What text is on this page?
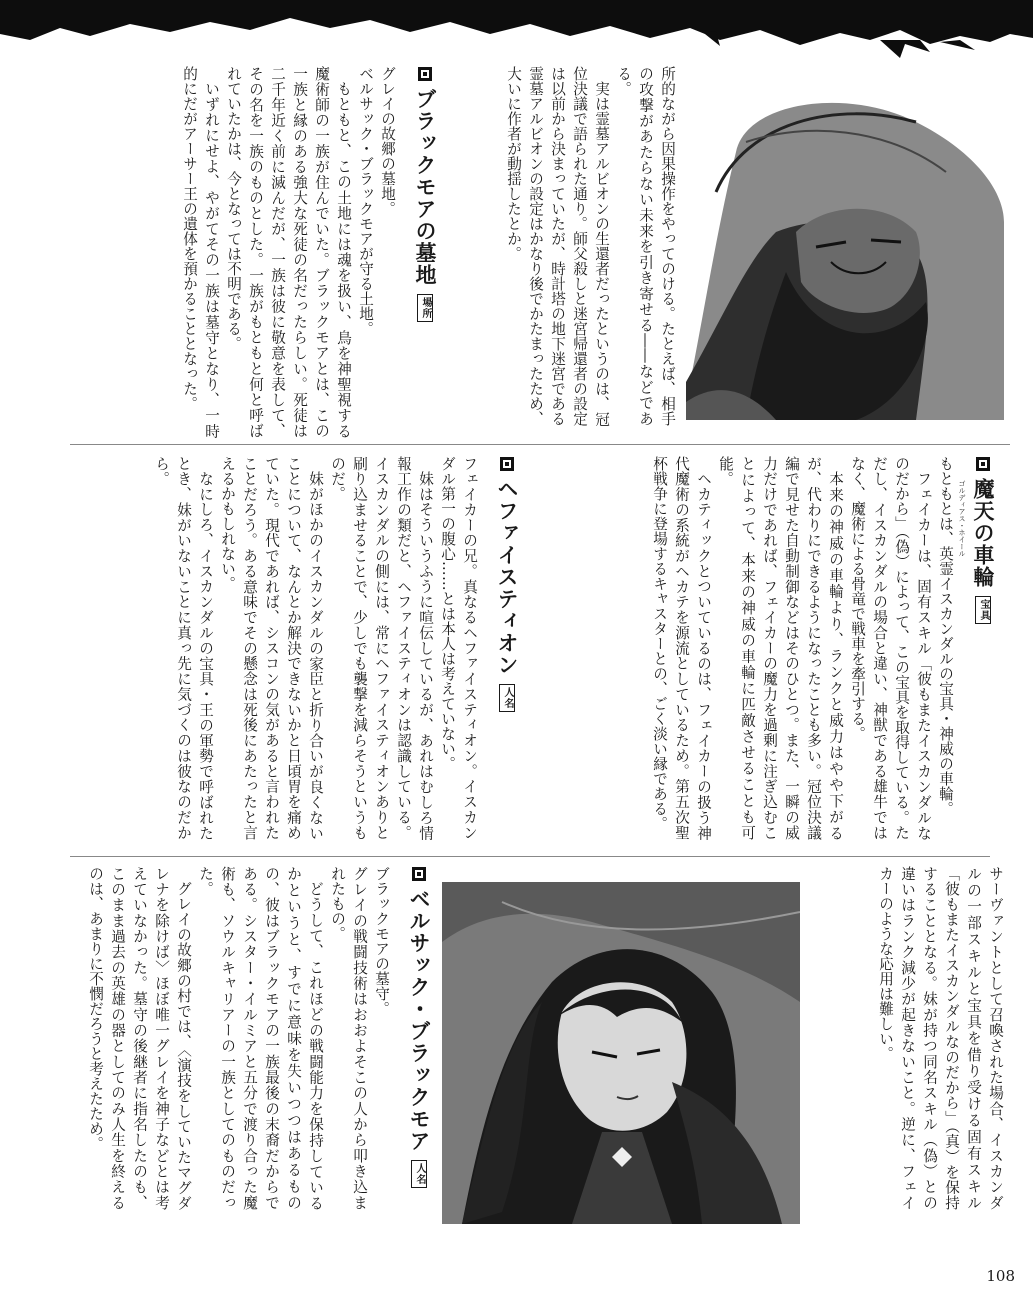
所的ながら因果操作をやってのける。たとえば、相手の攻撃があたらない未来を引き寄せる――などである。

実は霊墓アルビオンの生還者だったというのは、冠位決議で語られた通り。師父殺しと迷宮帰還者の設定は以前から決まっていたが、時計塔の地下迷宮である霊墓アルビオンの設定はかなり後でかたまったため、大いに作者が動揺したとか。

ブラックモアの墓地
場所

グレイの故郷の墓地。

ベルサック・ブラックモアが守る土地。

もともと、この土地には魂を扱い、鳥を神聖視する魔術師の一族が住んでいた。ブラックモアとは、この一族と縁のある強大な死徒の名だったらしい。死徒は二千年近く前に滅んだが、一族は彼に敬意を表して、その名を一族のものとした。一族がもともと何と呼ばれていたかは、今となっては不明である。

いずれにせよ、やがてその一族は墓守となり、一時的にだがアーサー王の遺体を預かることとなった。

魔天の車輪
宝具

もともとは、英霊イスカンダルの宝具・神威の車輪。

フェイカーは、固有スキル「彼もまたイスカンダルなのだから」（偽）によって、この宝具を取得している。ただし、イスカンダルの場合と違い、神獣である雄牛ではなく、魔術による骨竜で戦車を牽引する。

本来の神威の車輪より、ランクと威力はやや下がるが、代わりにできるようになったことも多い。冠位決議編で見せた自動制御などはそのひとつ。また、一瞬の威力だけであれば、フェイカーの魔力を過剰に注ぎ込むことによって、本来の神威の車輪に匹敵させることも可能。

ヘカティックとついているのは、フェイカーの扱う神代魔術の系統がヘカテを源流としているため。第五次聖杯戦争に登場するキャスターとの、ごく淡い縁である。	ゴルディアス・ホイール
ヘファイスティオン
人名

フェイカーの兄。真なるヘファイスティオン。イスカンダル第一の腹心……とは本人は考えていない。

妹はそういうふうに喧伝しているが、あれはむしろ情報工作の類だと、ヘファイスティオンは認識している。イスカンダルの側には、常にヘファイスティオンありと刷り込ませることで、少しでも襲撃を減らそうというものだ。

妹がほかのイスカンダルの家臣と折り合いが良くないことについて、なんとか解決できないかと日頃胃を痛めていた。現代であれば、シスコンの気があると言われたことだろう。ある意味でその懸念は死後にあたったと言えるかもしれない。

なにしろ、イスカンダルの宝具・王の軍勢で呼ばれたとき、妹がいないことに真っ先に気づくのは彼なのだから。

サーヴァントとして召喚された場合、イスカンダルの一部スキルと宝具を借り受ける固有スキル「彼もまたイスカンダルなのだから」（真）を保持することとなる。妹が持つ同名スキル（偽）との違いはランク減少が起きないこと。逆に、フェイカーのような応用は難しい。

ベルサック・ブラックモア
人名

ブラックモアの墓守。

グレイの戦闘技術はおおよそこの人から叩き込まれたもの。

どうして、これほどの戦闘能力を保持しているかというと、すでに意味を失いつつはあるものの、彼はブラックモアの一族最後の末裔だからである。シスター・イルミアと五分で渡り合った魔術も、ソウルキャリアーの一族としてのものだった。

グレイの故郷の村では、〈演技をしていたマグダレナを除けば〉ほぼ唯一グレイを神子などとは考えていなかった。墓守の後継者に指名したのも、このまま過去の英雄の器としてのみ人生を終えるのは、あまりに不憫だろうと考えたため。

108
